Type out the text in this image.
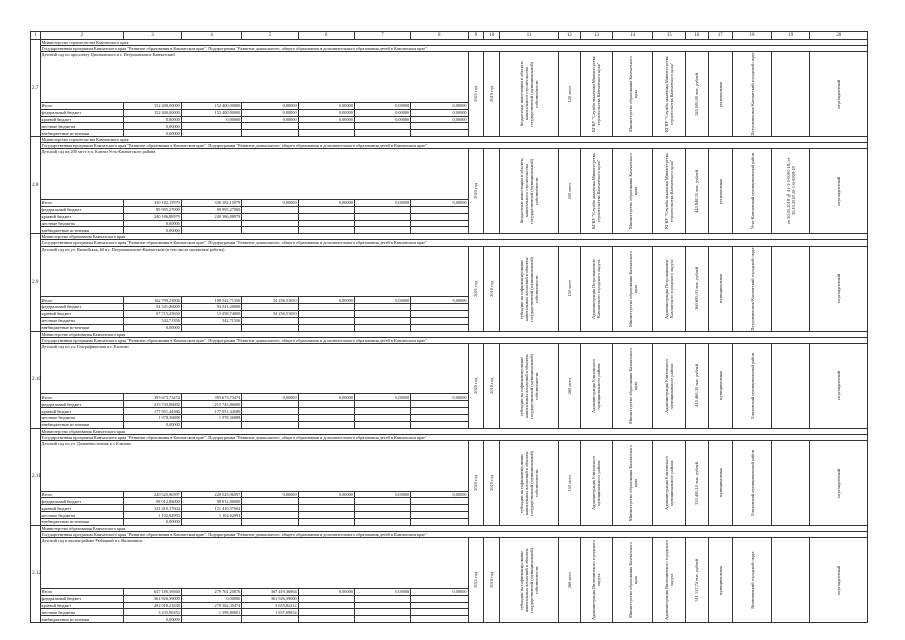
1	2	3	4	5	6	7	8	9	10	11	12	13	14	15	16	17	18	19	20
2.7	Министерство строительства Камчатского края																		
	Государственная программа Камчатского края "Развитие образования в Камчатском крае". Подпрограмма "Развитие дошкольного, общего образования и дополнительного образования детей в Камчатском крае"																		
	Детский сад по проспекту Циолковского в г. Петропавловск-Камчатский							2021 год	2019 год	бюджетные инвестиции в объекты капитального строительства государственной (муниципальной) собственности	120 мест	КГКУ "Служба заказчика Министерства строительства Камчатского края"	Министерство образования Камчатского края	КГКУ "Служба заказчика Министерства строительства Камчатского края"	345 000,00 тыс. рублей	региональная	Петропавловск-Камчатский городской округ		нерезидентный

	Итого	152 400,00000	152 400,00000	0,00000	0,00000	0,00000	0,00000												
	федеральный бюджет	152 400,00000	152 400,00000	0,00000	0,00000	0,00000	0,00000												
	краевой бюджет	0,00000	0,00000	0,00000	0,00000	0,00000	0,00000												
	местные бюджеты	0,00000																	
	внебюджетные источники	0,00000																	
2.8	Министерство строительства Камчатского края																		
	Государственная программа Камчатского края "Развитие образования в Камчатском крае". Подпрограмма "Развитие дошкольного, общего образования и дополнительного образования детей в Камчатском крае"																		
	Детский сад на 200 мест в п. Ключи Усть-Камчатского района							2020 год		бюджетные инвестиции в объекты капитального строительства государственной (муниципальной) собственности	200 мест	КГКУ "Служба заказчика Министерства строительства Камчатского края"	Министерство образования Камчатского края	КГКУ "Служба заказчика Министерства строительства Камчатского края"	445 848,35 тыс. рублей	региональная	Усть-Камчатский муниципальный район	от 30.05.2018 № 41-1-5-0091-18; от 30.10.2018 20-1-6-0098-18	нерезидентный

	Итого	330 182,15979	330 182,15979	0,00000	0,00000	0,00000	0,00000												
	федеральный бюджет	89 995,27000	89 995,27000																
	краевой бюджет	240 186,88979	240 186,88979																
	местные бюджеты	0,00000																	
	внебюджетные источники	0,00000																	
2.9	Министерство образования Камчатского края																		
	Государственная программа Камчатского края "Развитие образования в Камчатском крае". Подпрограмма "Развитие дошкольного, общего образования и дополнительного образования детей в Камчатском крае"																		
	Детский сад по ул. Вилюйская, 60 в г. Петропавловске-Камчатском (в том числе проектные работы)							2021 год	2019 год	субсидии на софинансирование капитальных вложений в объекты государственной (муниципальной) собственности	150 мест	Администрация Петропавловск-Камчатского городского округа	Министерство образования Камчатского края	Администрация Петропавловск-Камчатского городского округа	360 695,03 тыс. рублей	муниципальная	Петропавловск-Камчатский городской округ		нерезидентный

	Итого	162 799,23006	108 542,71356	54 256,51650	0,00000	0,00000	0,00000												
	федеральный бюджет	94 541,26000	94 541,26000																
	краевой бюджет	67 715,25650	13 458,74000	54 256,51650															
	местные бюджеты	542,71356	542,71356																
	внебюджетные источники	0,00000																	
2.10	Министерство образования Камчатского края																		
	Государственная программа Камчатского края "Развитие образования в Камчатском крае". Подпрограмма "Развитие дошкольного, общего образования и дополнительного образования детей в Камчатском крае"																		
	Детский сад по ул. Географическая в г. Елизово							2020 год	2019 год	субсидии на софинансирование капитальных вложений в объекты государственной (муниципальной) собственности	260 мест	Администрация Елизовского муниципального района	Министерство образования Камчатского края	Администрация Елизовского муниципального района	410 460,30 тыс. рублей	муниципальная	Елизовский муниципальный район		нерезидентный

	Итого	395 673,73474	395 673,73474	0,00000	0,00000	0,00000	0,00000												
	федеральный бюджет	215 743,86000	215 743,86000																
	краевой бюджет	177 951,44586	177 951,44586																
	местные бюджеты	1 978,36888	1 978,36888																
	внебюджетные источники	0,00000																	
2.11	Министерство образования Камчатского края																		
	Государственная программа Камчатского края "Развитие образования в Камчатском крае". Подпрограмма "Развитие дошкольного, общего образования и дополнительного образования детей в Камчатском крае"																		
	Детский сад по ул. Дальневосточная в г. Елизово							2020 год	2019 год	субсидии на софинансирование капитальных вложений в объекты государственной (муниципальной) собственности	150 мест	Администрация Елизовского муниципального района	Министерство образования Камчатского края	Администрация Елизовского муниципального района	335 400,10 тыс. рублей	муниципальная	Елизовский муниципальный район		нерезидентный

	Итого	220 525,96597	220 525,96597	0,00000	0,00000	0,00000	0,00000												
	федеральный бюджет	98 012,86000	98 012,86000																
	краевой бюджет	121 410,37604	121 410,37604																
	местные бюджеты	1 102,62993	1 102,62993																
	внебюджетные источники	0,00000																	
2.12	Министерство образования Камчатского края																		
	Государственная программа Камчатского края "Развитие образования в Камчатском крае". Подпрограмма "Развитие дошкольного, общего образования и дополнительного образования детей в Камчатском крае"																		
	Детский сад в жилом районе Рыбацкий в г. Вилючинск							2021 год	2019 год	субсидии на софинансирование капитальных вложений в объекты государственной (муниципальной) собственности	260 мест	Администрация Вилючинского городского округа	Министерство образования Камчатского края	Администрация Вилючинского городского округа	511 157,74 тыс. рублей	муниципальная	Вилючинский городской округ		нерезидентный

	Итого	647 180,56940	279 761,20076	367 419,36864	0,00000	0,00000	0,00000												
	федеральный бюджет	361 926,39000	0,00000	361 926,39000															
	краевой бюджет	282 018,21638	278 362,39474	3 655,82212															
	местные бюджеты	3 235,90253	1 398,80601	1 837,09654															
	внебюджетные источники	0,00000																	
